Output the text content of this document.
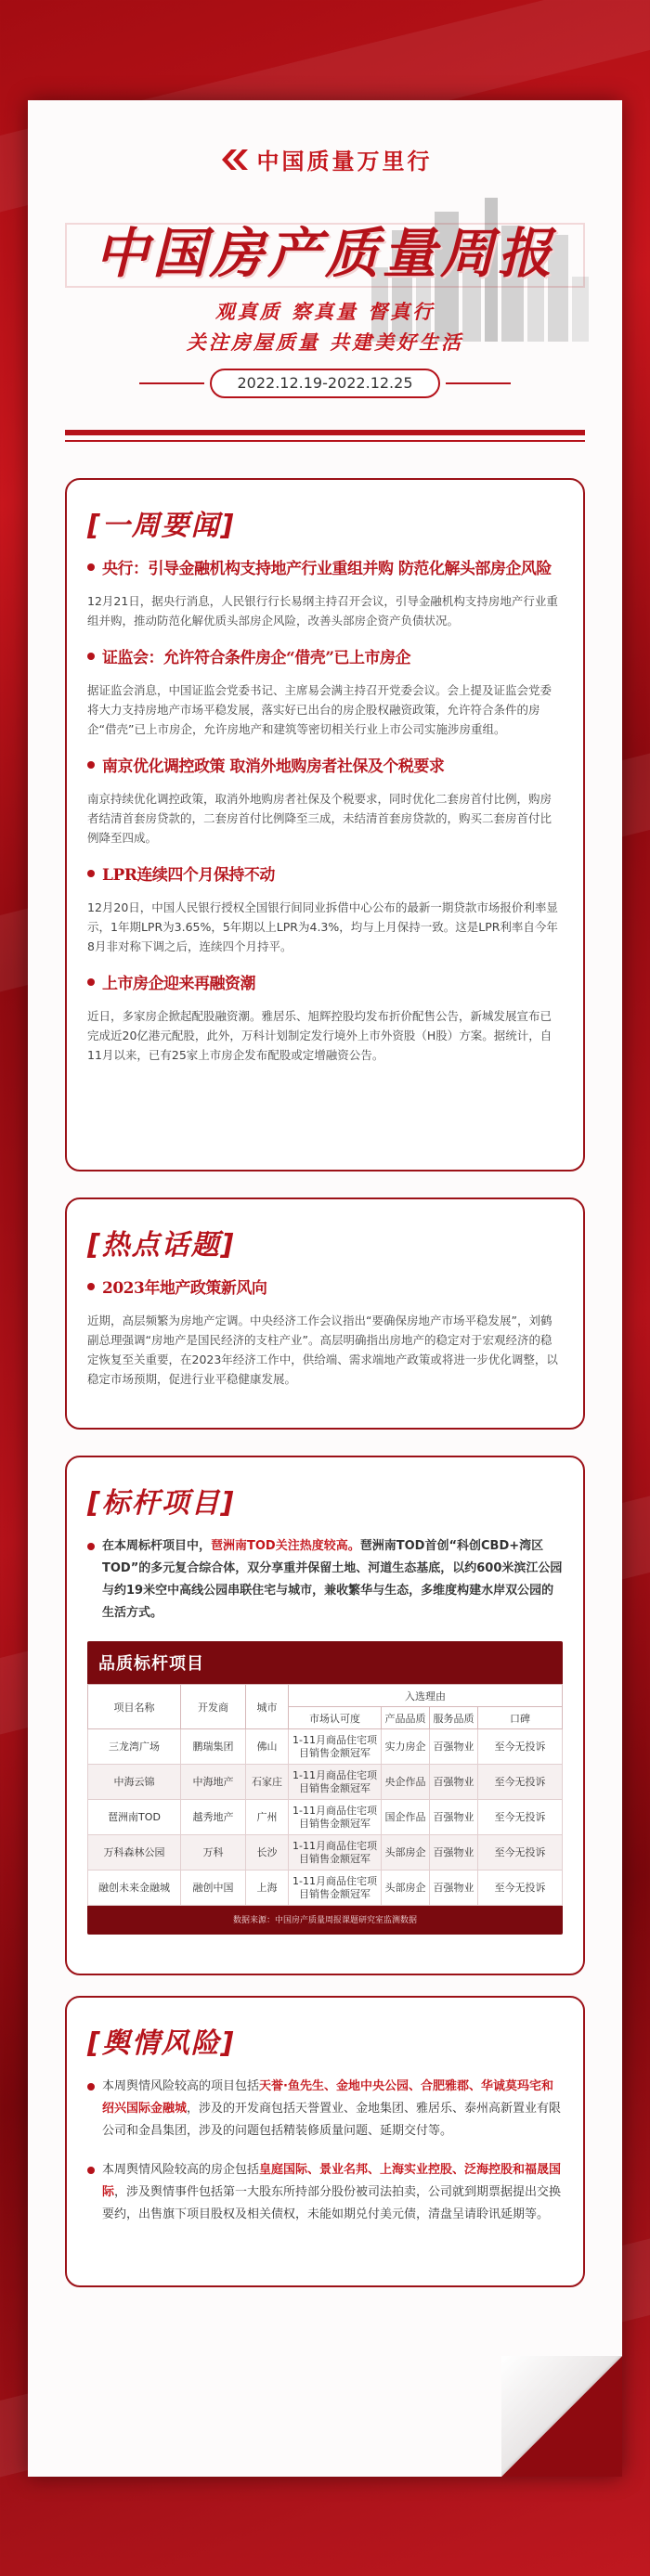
中国质量万里行
中国房产质量周报
观真质 察真量 督真行
关注房屋质量 共建美好生活
2022.12.19-2022.12.25
[一周要闻]
央行：引导金融机构支持地产行业重组并购 防范化解头部房企风险
12月21日，据央行消息，人民银行行长易纲主持召开会议，引导金融机构支持房地产行业重组并购，推动防范化解优质头部房企风险，改善头部房企资产负债状况。
证监会：允许符合条件房企“借壳”已上市房企
据证监会消息，中国证监会党委书记、主席易会满主持召开党委会议。会上提及证监会党委将大力支持房地产市场平稳发展，落实好已出台的房企股权融资政策，允许符合条件的房企“借壳”已上市房企，允许房地产和建筑等密切相关行业上市公司实施涉房重组。
南京优化调控政策 取消外地购房者社保及个税要求
南京持续优化调控政策，取消外地购房者社保及个税要求，同时优化二套房首付比例，购房者结清首套房贷款的，二套房首付比例降至三成，未结清首套房贷款的，购买二套房首付比例降至四成。
LPR连续四个月保持不动
12月20日，中国人民银行授权全国银行间同业拆借中心公布的最新一期贷款市场报价利率显示，1年期LPR为3.65%，5年期以上LPR为4.3%，均与上月保持一致。这是LPR利率自今年8月非对称下调之后，连续四个月持平。
上市房企迎来再融资潮
近日，多家房企掀起配股融资潮。雅居乐、旭辉控股均发布折价配售公告，新城发展宣布已完成近20亿港元配股，此外，万科计划制定发行境外上市外资股（H股）方案。据统计，自11月以来，已有25家上市房企发布配股或定增融资公告。
[热点话题]
2023年地产政策新风向
近期，高层频繁为房地产定调。中央经济工作会议指出“要确保房地产市场平稳发展”，刘鹤副总理强调“房地产是国民经济的支柱产业”。高层明确指出房地产的稳定对于宏观经济的稳定恢复至关重要，在2023年经济工作中，供给端、需求端地产政策或将进一步优化调整，以稳定市场预期，促进行业平稳健康发展。
[标杆项目]
在本周标杆项目中，琶洲南TOD关注热度较高。琶洲南TOD首创“科创CBD+湾区TOD”的多元复合综合体，双分享重并保留土地、河道生态基底，以约600米滨江公园与约19米空中高线公园串联住宅与城市，兼收繁华与生态，多维度构建水岸双公园的生活方式。
品质标杆项目
项目名称	开发商	城市	入选理由			
			市场认可度	产品品质	服务品质	口碑
三龙湾广场	鹏瑞集团	佛山	1-11月商品住宅项目销售金额冠军	实力房企	百强物业	至今无投诉
中海云锦	中海地产	石家庄	1-11月商品住宅项目销售金额冠军	央企作品	百强物业	至今无投诉
琶洲南TOD	越秀地产	广州	1-11月商品住宅项目销售金额冠军	国企作品	百强物业	至今无投诉
万科森林公园	万科	长沙	1-11月商品住宅项目销售金额冠军	头部房企	百强物业	至今无投诉
融创未来金融城	融创中国	上海	1-11月商品住宅项目销售金额冠军	头部房企	百强物业	至今无投诉
数据来源：中国房产质量周报课题研究室监测数据
[舆情风险]
本周舆情风险较高的项目包括天誉·鱼先生、金地中央公园、合肥雅郡、华诚莫玛宅和绍兴国际金融城，涉及的开发商包括天誉置业、金地集团、雅居乐、泰州高新置业有限公司和金昌集团，涉及的问题包括精装修质量问题、延期交付等。
本周舆情风险较高的房企包括皇庭国际、景业名邦、上海实业控股、泛海控股和福晟国际，涉及舆情事件包括第一大股东所持部分股份被司法拍卖，公司就到期票据提出交换要约，出售旗下项目股权及相关债权，未能如期兑付美元债，清盘呈请聆讯延期等。
